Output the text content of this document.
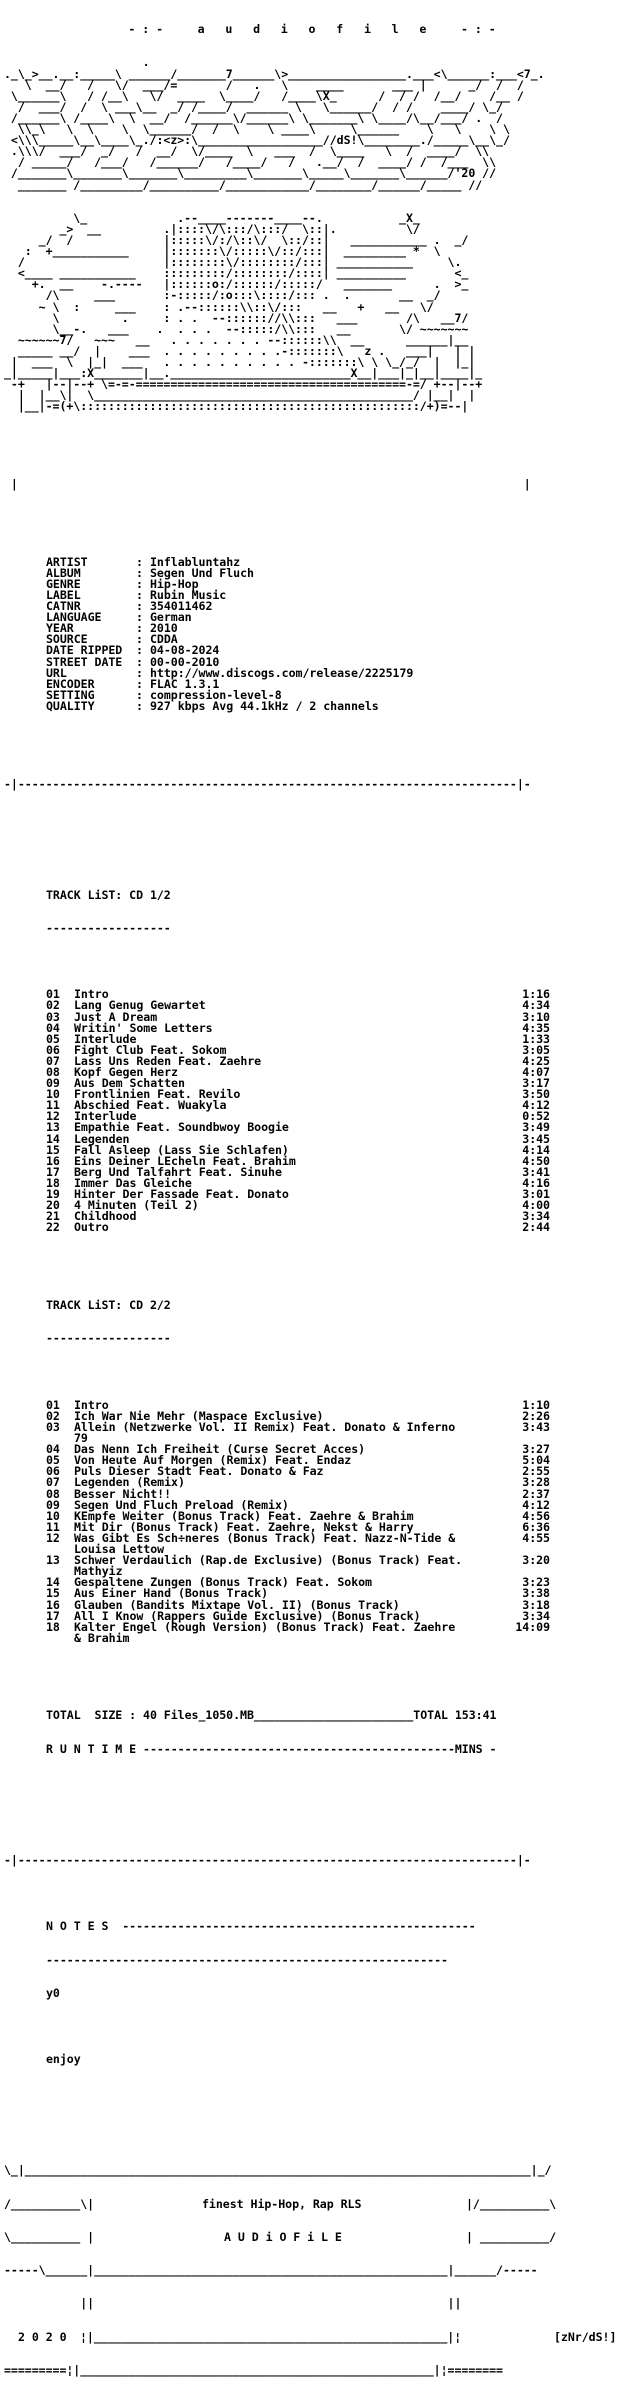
- : -     a   u   d   i   o   f   i   l   e     - : -

.
._\_>__.__:_____\ ______/_______7______\>_________________.___<\______:___<7_.
\  __/   /   \/  ___/=       /   .   \    ____       ___ |      _/  /  /
\______\   / /__\   \/  ____  \____/   /____\X_      /  / /  /__/    /__ /
/  ___/  /  \ ___\__  _/ /____/  ______ \   \______/  / /    ____/ \_/
/______\ /____\  \  __/  /______\/______\ \_______\ \____/\__/___/ .  /
\\_\   \  \    \  \______/  /  \    \ ____\     \______    \   \    \ \
<\\\_____\__\____\_./:<z>:\__________________//dS!\________./_____\__\_/
.\\\/  ___/  _/   /  __/  \/____  \   ___  /  \____   \  /  ____/  \\
/ _____/   /___/   /______/   /____/   /   .__/  /  ____/ /  /___  \\
/_______\_______\_______\_________\_______\_____\_______\______/'20 //
_______ /_________/__________/____________/________/______/_____ //

\_             .--____-------____--.           _X_
_>  __         .|::::\/\:::/\:::/  \::|.          \/
_/  /             |:::::\/:/\::\/  \::/::|   ___________ .  _/
:  +___________     |:::::::\/:::::\/::/:::|  _________ *  \
/                    |::::::::\/::::::::/:::| ___________     \.
<____ ___________    :::::::::/::::::::/::::| __________       <_
+.  __    -.----   |::::::o:/::::::/:::::/   _______      .  >_
/\     ___       :-:::::/:o:::\::::/::: .  .       __  _/
~ \  :     ___    : .--::::::\\::\/:::   __   +   __   \/
\         .     : . .  --:::::://\\:::   ___       /\   __7/
\__-.   ___    .  . . .  --:::::/\\:::   __       \/ ~~~~~~~
~~~~~~7/   ~~~   __   . . . . . . . --::::::\\  __      ______|__
_____ __/  |    ___  . . . . . . . . .-:::::::\   z .   ___|   | |
|  ___  \  |_|  ___   . . . . . . . . . . -:::::::\ \ \_/_/  |  |_|
_|_____|___:X_______|__.__________________________X__|___|_|__|____|_
-+   |--|--+ \=-=-=======================================-=/ +--|--+
|  |__\|  \______________________________________________/ |__|  |
|__|-=(+\:::::::::::::::::::::::::::::::::::::::::::::::::/+)=--|

|                                                                         |

ARTIST	: Inflabluntahz
ALBUM	: Segen Und Fluch
GENRE	: Hip-Hop
LABEL	: Rubin Music
CATNR	: 354011462
LANGUAGE	: German
YEAR	: 2010
SOURCE	: CDDA
DATE RIPPED : 04-08-2024
STREET DATE : 00-00-2010
URL	: http://www.discogs.com/release/2225179
ENCODER	: FLAC 1.3.1
SETTING	: compression-level-8
QUALITY	: 927 kbps Avg 44.1kHz / 2 channels

-|------------------------------------------------------------------------|-

TRACK LiST: CD 1/2

------------------

01 Intro	1:16
02 Lang Genug Gewartet	4:34
03 Just A Dream	3:10
04 Writin' Some Letters	4:35
05 Interlude	1:33
06 Fight Club Feat. Sokom	3:05
07 Lass Uns Reden Feat. Zaehre	4:25
08 Kopf Gegen Herz	4:07
09 Aus Dem Schatten	3:17
10 Frontlinien Feat. Revilo	3:50
11 Abschied Feat. Wuakyla	4:12
12 Interlude	0:52
13 Empathie Feat. Soundbwoy Boogie	3:49
14 Legenden	3:45
15 Fall Asleep (Lass Sie Schlafen)	4:14
16 Eins Deiner LEcheln Feat. Brahim	4:50
17 Berg Und Talfahrt Feat. Sinuhe	3:41
18 Immer Das Gleiche	4:16
19 Hinter Der Fassade Feat. Donato	3:01
20 4 Minuten (Teil 2)	4:00
21 Childhood	3:34
22 Outro	2:44

TRACK LiST: CD 2/2

------------------

01 Intro	1:10
02 Ich War Nie Mehr (Maspace Exclusive)	2:26
03 Allein (Netzwerke Vol. II Remix) Feat. Donato & Inferno	3:43
79
04 Das Nenn Ich Freiheit (Curse Secret Acces)	3:27
05 Von Heute Auf Morgen (Remix) Feat. Endaz	5:04
06 Puls Dieser Stadt Feat. Donato & Faz	2:55
07 Legenden (Remix)	3:28
08 Besser Nicht!!	2:37
09 Segen Und Fluch Preload (Remix)	4:12
10 KEmpfe Weiter (Bonus Track) Feat. Zaehre & Brahim	4:56
11 Mit Dir (Bonus Track) Feat. Zaehre, Nekst & Harry	6:36
12 Was Gibt Es Sch÷neres (Bonus Track) Feat. Nazz-N-Tide &	4:55
Louisa Lettow
13 Schwer Verdaulich (Rap.de Exclusive) (Bonus Track) Feat.	3:20
Mathyiz
14 Gespaltene Zungen (Bonus Track) Feat. Sokom	3:23
15 Aus Einer Hand (Bonus Track)	3:38
16 Glauben (Bandits Mixtape Vol. II) (Bonus Track)	3:18
17 All I Know (Rappers Guide Exclusive) (Bonus Track)	3:34
18 Kalter Engel (Rough Version) (Bonus Track) Feat. Zaehre	14:09
& Brahim

TOTAL  SIZE : 40 Files_1050.MB_______________________TOTAL 153:41

R U N T I M E ---------------------------------------------MINS -

-|------------------------------------------------------------------------|-

N O T E S  ---------------------------------------------------

----------------------------------------------------------

y0

enjoy

\_|_________________________________________________________________________|_/

/__________\|

	finest Hip-Hop, Rap RLS

	|/__________\

\__________ |

	A U D i O F i L E

	| __________/

-----\______|___________________________________________________|______/-----

||                                                   ||

2 0 2 0

¦|___________________________________________________|¦

	[zNr/dS!]

=========¦|___________________________________________________|¦========
